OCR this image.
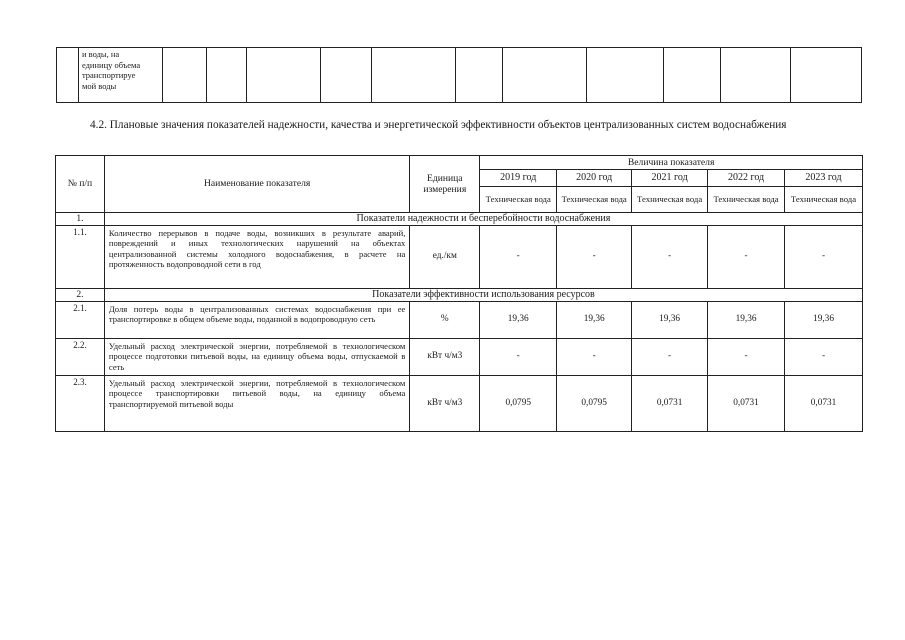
и воды, на
единицу объема
транспортируе
мой воды

4.2. Плановые значения показателей надежности, качества и энергетической эффективности объектов централизованных систем водоснабжения

№ п/п	Наименование показателя	Единица
измерения	Величина показателя				
			2019 год	2020 год	2021 год	2022 год	2023 год
			Техническая вода	Техническая вода	Техническая вода	Техническая вода	Техническая вода
1.	Показатели надежности и бесперебойности водоснабжения						
1.1.	Количество перерывов в подаче воды, возникших в результате аварий, повреждений и иных технологических нарушений на объектах централизованной системы холодного водоснабжения, в расчете на протяженность водопроводной сети в год	ед./км	-	-	-	-	-
2.	Показатели эффективности использования ресурсов						
2.1.	Доля потерь воды в централизованных системах водоснабжения при ее транспортировке в общем объеме воды, поданной в водопроводную сеть	%	19,36	19,36	19,36	19,36	19,36
2.2.	Удельный расход электрической энергии, потребляемой в технологическом процессе подготовки питьевой воды, на единицу объема воды, отпускаемой в сеть	кВт ч/м3	-	-	-	-	-
2.3.	Удельный расход электрической энергии, потребляемой в технологическом процессе транспортировки питьевой воды, на единицу объема транспортируемой питьевой воды	кВт ч/м3	0,0795	0,0795	0,0731	0,0731	0,0731
